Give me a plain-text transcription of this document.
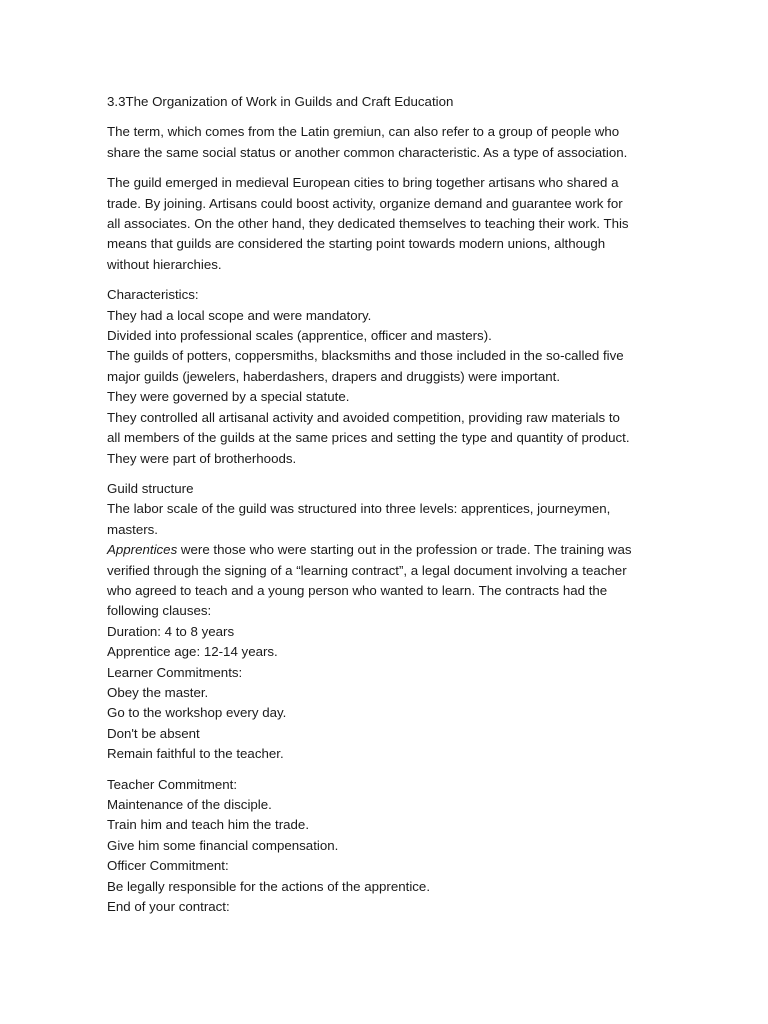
3.3The Organization of Work in Guilds and Craft Education

The term, which comes from the Latin gremiun, can also refer to a group of people who

share the same social status or another common characteristic. As a type of association.

The guild emerged in medieval European cities to bring together artisans who shared a

trade. By joining. Artisans could boost activity, organize demand and guarantee work for

all associates. On the other hand, they dedicated themselves to teaching their work. This

means that guilds are considered the starting point towards modern unions, although

without hierarchies.

Characteristics:

They had a local scope and were mandatory.

Divided into professional scales (apprentice, officer and masters).

The guilds of potters, coppersmiths, blacksmiths and those included in the so-called five

major guilds (jewelers, haberdashers, drapers and druggists) were important.

They were governed by a special statute.

They controlled all artisanal activity and avoided competition, providing raw materials to

all members of the guilds at the same prices and setting the type and quantity of product.

They were part of brotherhoods.

Guild structure

The labor scale of the guild was structured into three levels: apprentices, journeymen,

masters.

Apprentices were those who were starting out in the profession or trade. The training was

verified through the signing of a “learning contract”, a legal document involving a teacher

who agreed to teach and a young person who wanted to learn. The contracts had the

following clauses:

Duration: 4 to 8 years

Apprentice age: 12-14 years.

Learner Commitments:

Obey the master.

Go to the workshop every day.

Don't be absent

Remain faithful to the teacher.

Teacher Commitment:

Maintenance of the disciple.

Train him and teach him the trade.

Give him some financial compensation.

Officer Commitment:

Be legally responsible for the actions of the apprentice.

End of your contract:
